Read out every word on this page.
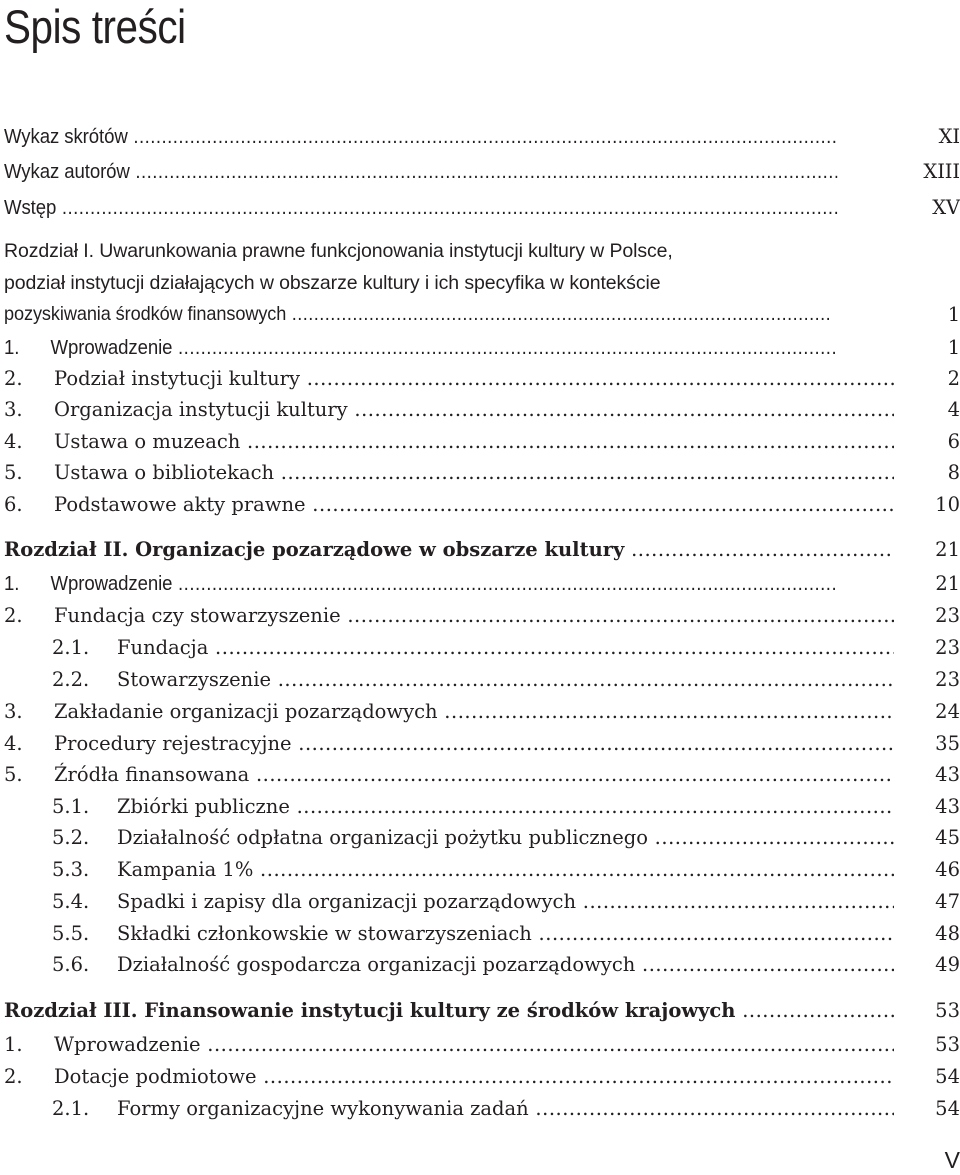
Spis treści
Wykaz skrótów .....	XI
Wykaz autorów .....	XIII
Wstęp .....	XV
Rozdział I. Uwarunkowania prawne funkcjonowania instytucji kultury w Polsce,
podział instytucji działających w obszarze kultury i ich specyfika w kontekście
pozyskiwania środków finansowych .....	1
1. Wprowadzenie .....	1
2. Podział instytucji kultury .....	2
3. Organizacja instytucji kultury .....	4
4. Ustawa o muzeach .....	6
5. Ustawa o bibliotekach .....	8
6. Podstawowe akty prawne .....	10
Rozdział II. Organizacje pozarządowe w obszarze kultury .....	21
1. Wprowadzenie .....	21
2. Fundacja czy stowarzyszenie .....	23
2.1. Fundacja .....	23
2.2. Stowarzyszenie .....	23
3. Zakładanie organizacji pozarządowych .....	24
4. Procedury rejestracyjne .....	35
5. Źródła finansowana .....	43
5.1. Zbiórki publiczne .....	43
5.2. Działalność odpłatna organizacji pożytku publicznego .....	45
5.3. Kampania 1% .....	46
5.4. Spadki i zapisy dla organizacji pozarządowych .....	47
5.5. Składki członkowskie w stowarzyszeniach .....	48
5.6. Działalność gospodarcza organizacji pozarządowych .....	49
Rozdział III. Finansowanie instytucji kultury ze środków krajowych .....	53
1. Wprowadzenie .....	53
2. Dotacje podmiotowe .....	54
2.1. Formy organizacyjne wykonywania zadań .....	54
V
